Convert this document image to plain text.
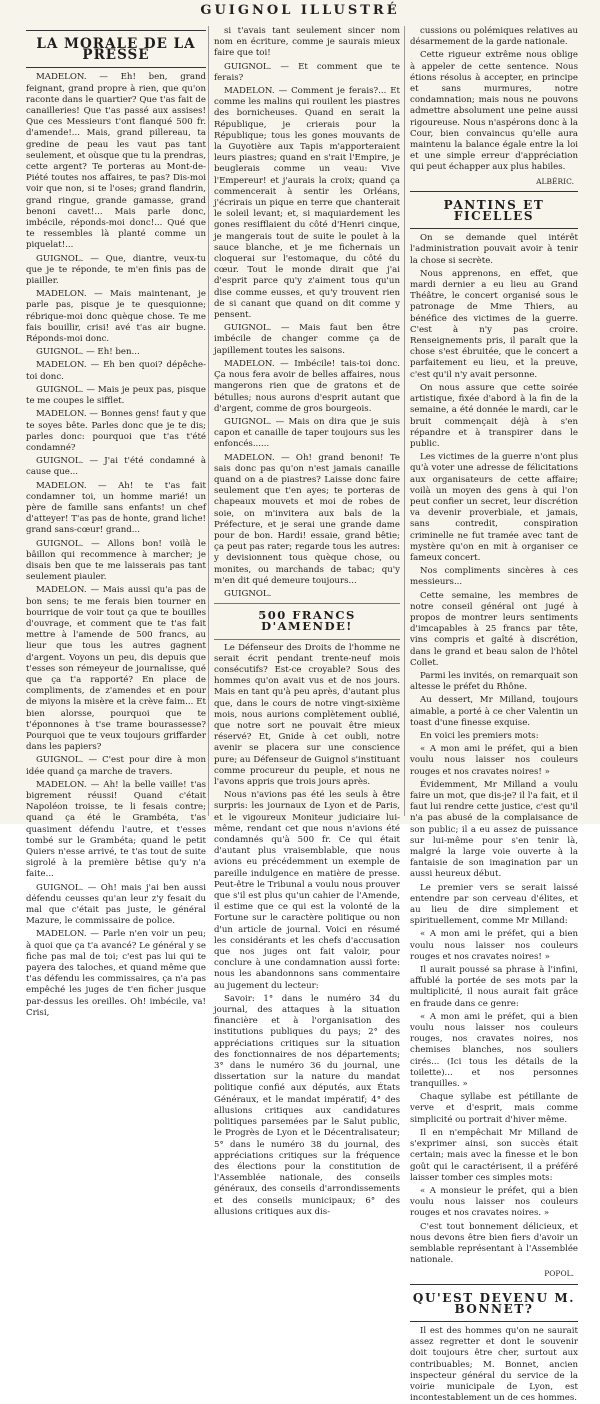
GUIGNOL ILLUSTRÉ
LA MORALE DE LA PRESSE

MADELON. — Eh! ben, grand feignant, grand propre à rien, que qu'on raconte dans le quartier? Que t'as fait de canailleries! Que t'as passé aux assises! Que ces Messieurs t'ont flanqué 500 fr. d'amende!... Mais, grand pillereau, ta gredine de peau les vaut pas tant seulement, et oùsque que tu la prendras, cette argent? Te porteras au Mont-de-Piété toutes nos affaires, te pas? Dis-moi voir que non, si te l'oses; grand flandrin, grand ringue, grande gamasse, grand benoni cavet!... Mais parle donc, imbécile, réponds-moi donc!... Qué que te ressembles là planté comme un piquelat!...

GUIGNOL. — Que, diantre, veux-tu que je te réponde, te m'en finis pas de piailler.

MADELON. — Mais maintenant, je parle pas, pisque je te quesquionne; rébrique-moi donc quèque chose. Te me fais bouillir, crisi! avé t'as air bugne. Réponds-moi donc.

GUIGNOL. — Eh! ben...

MADELON. — Eh ben quoi? dépêche-toi donc.

GUIGNOL. — Mais je peux pas, pisque te me coupes le sifflet.

MADELON. — Bonnes gens! faut y que te soyes bête. Parles donc que je te dis; parles donc: pourquoi que t'as t'été condamné?

GUIGNOL. — J'ai t'été condamné à cause que...

MADELON. — Ah! te t'as fait condamner toi, un homme marié! un père de famille sans enfants! un chef d'atteyer! T'as pas de honte, grand liche! grand sans-cœur! grand...

GUIGNOL. — Allons bon! voilà le bâillon qui recommence à marcher; je disais ben que te me laisserais pas tant seulement piauler.

MADELON. — Mais aussi qu'a pas de bon sens; te me ferais bien tourner en bourrique de voir tout ça que te bouilles d'ouvrage, et comment que te t'as fait mettre à l'amende de 500 francs, au lieur que tous les autres gagnent d'argent. Voyons un peu, dis depuis que t'esses son rémeyeur de journalisse, qué que ça t'a rapporté? En place de compliments, de z'amendes et en pour de miyons la misère et la crève faim... Et bien alorsse, pourquoi que te t'éponnones à t'se trame bourassesse? Pourquoi que te veux toujours griffarder dans les papiers?

GUIGNOL. — C'est pour dire à mon idée quand ça marche de travers.

MADELON. — Ah! la belle vaille! t'as bigrement réussi! Quand c'était Napoléon troisse, te li fesais contre; quand ça été le Grambéta, t'as quasiment défendu l'autre, et t'esses tombé sur le Grambéta; quand le petit Quiers n'esse arrivé, te t'as tout de suite sigrolé à la première bêtise qu'y n'a faite...

GUIGNOL. — Oh! mais j'ai ben aussi défendu ceusses qu'an leur z'y fesait du mal que c'était pas juste, le général Mazure, le commissaire de police.

MADELON. — Parle n'en voir un peu; à quoi que ça t'a avancé? Le général y se fiche pas mal de toi; c'est pas lui qui te payera des taloches, et quand même que t'as défendu les commissaires, ça n'a pas empêché les juges de t'en ficher jusque par-dessus les oreilles. Oh! imbécile, va! Crisi,

si t'avais tant seulement sincer nom nom en écriture, comme je saurais mieux faire que toi!

GUIGNOL. — Et comment que te ferais?

MADELON. — Comment je ferais?... Et comme les malins qui rouilent les piastres des bornicheuses. Quand en serait la République, je crierais pour la République; tous les gones mouvants de la Guyotière aux Tapis m'apporteraient leurs piastres; quand en s'rait l'Empire, je beuglerais comme un veau: Vive l'Empereur! et j'aurais la croix; quand ça commencerait à sentir les Orléans, j'écrirais un pique en terre que chanterait le soleil levant; et, si maquiardement les gones resifflaient du côté d'Henri cinque, je mangerais tout de suite le poulet à la sauce blanche, et je me fichernais un cloquerai sur l'estomaque, du côté du cœur. Tout le monde dirait que j'ai d'esprit parce qu'y z'aiment tous qu'un dise comme eusses, et qu'y trouvent rien de si canant que quand on dit comme y pensent.

GUIGNOL. — Mais faut ben être imbécile de changer comme ça de japillement toutes les saisons.

MADELON. — Imbécile! tais-toi donc. Ça nous fera avoir de belles affaires, nous mangerons rien que de gratons et de bétulles; nous aurons d'esprit autant que d'argent, comme de gros bourgeois.

GUIGNOL. — Mais on dira que je suis capon et canaille de taper toujours sus les enfoncés......

MADELON. — Oh! grand benoni! Te sais donc pas qu'on n'est jamais canaille quand on a de piastres? Laisse donc faire seulement que t'en ayes; te porteras de chapeaux mouvets et moi de robes de soie, on m'invitera aux bals de la Préfecture, et je serai une grande dame pour de bon. Hardi! essaie, grand bêtie; ça peut pas rater; regarde tous les autres: y devisionnent tous quèque chose, ou monites, ou marchands de tabac; qu'y m'en dit qué demeure toujours...

GUIGNOL.

500 FRANCS D'AMENDE!

Le Défenseur des Droits de l'homme ne serait écrit pendant trente-neuf mois consécutifs? Est-ce croyable? Sous des hommes qu'on avait vus et de nos jours. Mais en tant qu'à peu après, d'autant plus que, dans le cours de notre vingt-sixième mois, nous aurions complètement oublié, que notre sort ne pouvait être mieux réservé? Et, Gnide à cet oubli, notre avenir se placera sur une conscience pure; au Défenseur de Guignol s'instituant comme procureur du peuple, et nous ne l'avons appris que trois jours après.

Nous n'avions pas été les seuls à être surpris: les journaux de Lyon et de Paris, et le vigoureux Moniteur judiciaire lui-même, rendant cet que nous n'avions été condamnés qu'à 500 fr. Ce qui était d'autant plus vraisemblable, que nous avions eu précédemment un exemple de pareille indulgence en matière de presse. Peut-être le Tribunal a voulu nous prouver que s'il est plus qu'un cahier de l'Amende, il estime que ce qui est la volonté de la Fortune sur le caractère politique ou non d'un article de journal. Voici en résumé les considérants et les chefs d'accusation que nos juges ont fait valoir, pour conclure à une condamnation aussi forte: nous les abandonnons sans commentaire au jugement du lecteur:

Savoir: 1° dans le numéro 34 du journal, des attaques à la situation financière et à l'organisation des institutions publiques du pays; 2° des appréciations critiques sur la situation des fonctionnaires de nos départements; 3° dans le numéro 36 du journal, une dissertation sur la nature du mandat politique confié aux députés, aux États Généraux, et le mandat impératif; 4° des allusions critiques aux candidatures politiques parsemées par le Salut public, le Progrès de Lyon et le Décentralisateur; 5° dans le numéro 38 du journal, des appréciations critiques sur la fréquence des élections pour la constitution de l'Assemblée nationale, des conseils généraux, des conseils d'arrondissements et des conseils municipaux; 6° des allusions critiques aux dis-

cussions ou polémiques relatives au désarmement de la garde nationale.

Cette rigueur extrême nous oblige à appeler de cette sentence. Nous étions résolus à accepter, en principe et sans murmures, notre condamnation; mais nous ne pouvons admettre absolument une peine aussi rigoureuse. Nous n'aspérons donc à la Cour, bien convaincus qu'elle aura maintenu la balance égale entre la loi et une simple erreur d'appréciation qui peut échapper aux plus habiles.

ALBÉRIC.
PANTINS ET FICELLES

On se demande quel intérêt l'administration pouvait avoir à tenir la chose si secrète.

Nous apprenons, en effet, que mardi dernier a eu lieu au Grand Théâtre, le concert organisé sous le patronage de Mme Thiers, au bénéfice des victimes de la guerre. C'est à n'y pas croire. Renseignements pris, il paraît que la chose s'est ébruitée, que le concert a parfaitement eu lieu, et la preuve, c'est qu'il n'y avait personne.

On nous assure que cette soirée artistique, fixée d'abord à la fin de la semaine, a été donnée le mardi, car le bruit commençait déjà à s'en répandre et à transpirer dans le public.

Les victimes de la guerre n'ont plus qu'à voter une adresse de félicitations aux organisateurs de cette affaire; voilà un moyen des gens à qui l'on peut confier un secret, leur discrétion va devenir proverbiale, et jamais, sans contredit, conspiration criminelle ne fut tramée avec tant de mystère qu'on en mit à organiser ce fameux concert.

Nos compliments sincères à ces messieurs...

Cette semaine, les membres de notre conseil général ont jugé à propos de montrer leurs sentiments d'imcapables à 25 francs par tête, vins compris et gaîté à discrétion, dans le grand et beau salon de l'hôtel Collet.

Parmi les invités, on remarquait son altesse le préfet du Rhône.

Au dessert, Mr Milland, toujours aimable, a porté à ce cher Valentin un toast d'une finesse exquise.

En voici les premiers mots:

« A mon ami le préfet, qui a bien voulu nous laisser nos couleurs rouges et nos cravates noires! »

Évidemment, Mr Milland a voulu faire un mot, que dis-je? il l'a fait, et il faut lui rendre cette justice, c'est qu'il n'a pas abusé de la complaisance de son public; il a eu assez de puissance sur lui-même pour s'en tenir là, malgré la large voie ouverte à la fantaisie de son imagination par un aussi heureux début.

Le premier vers se serait laissé entendre par son cerveau d'élites, et au lieu de dire simplement et spirituellement, comme Mr Milland:

« A mon ami le préfet, qui a bien voulu nous laisser nos couleurs rouges et nos cravates noires! »

Il aurait poussé sa phrase à l'infini, affublé la portée de ses mots par la multiplicité, il nous aurait fait grâce en fraude dans ce genre:

« A mon ami le préfet, qui a bien voulu nous laisser nos couleurs rouges, nos cravates noires, nos chemises blanches, nos souliers cirés... (Ici tous les détails de la toilette)... et nos personnes tranquilles. »

Chaque syllabe est pétillante de verve et d'esprit, mais comme simplicité ou portrait d'hiver même.

Il en n'empêchait Mr Milland de s'exprimer ainsi, son succès était certain; mais avec la finesse et le bon goût qui le caractérisent, il a préféré laisser tomber ces simples mots:

« A monsieur le préfet, qui a bien voulu nous laisser nos couleurs rouges et nos cravates noires. »

C'est tout bonnement délicieux, et nous devons être bien fiers d'avoir un semblable représentant à l'Assemblée nationale.

POPOL.
QU'EST DEVENU M. BONNET?

Il est des hommes qu'on ne saurait assez regretter et dont le souvenir doit toujours être cher, surtout aux contribuables; M. Bonnet, ancien inspecteur général du service de la voirie municipale de Lyon, est incontestablement un de ces hommes.
